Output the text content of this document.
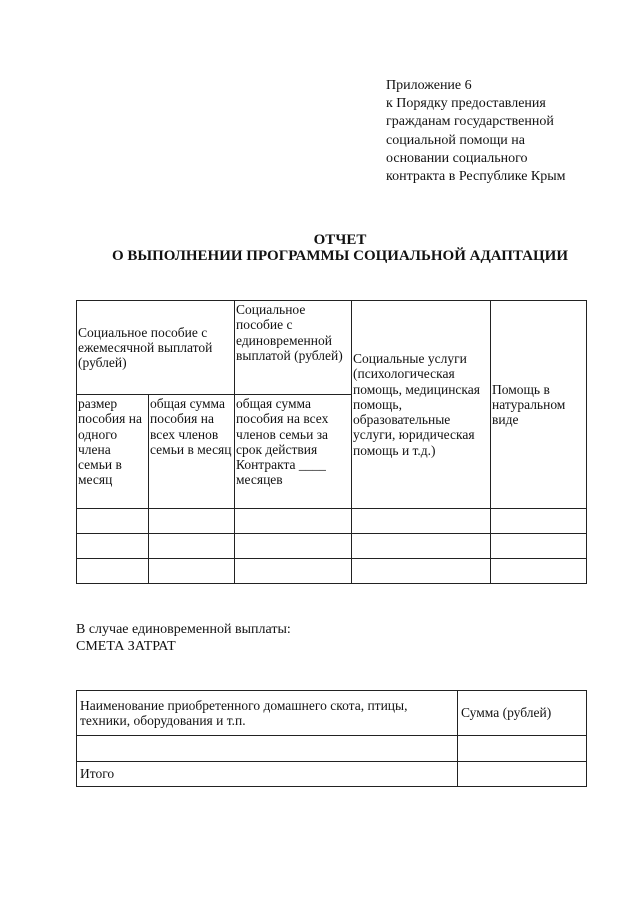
Приложение 6
к Порядку предоставления
гражданам государственной
социальной помощи на
основании социального
контракта в Республике Крым
ОТЧЕТ
О ВЫПОЛНЕНИИ ПРОГРАММЫ СОЦИАЛЬНОЙ АДАПТАЦИИ
Социальное пособие с ежемесячной выплатой (рублей)		Социальное пособие с единовременной выплатой (рублей)	Социальные услуги (психологическая помощь, медицинская помощь, образовательные услуги, юридическая помощь и т.д.)	Помощь в натуральном виде
размер пособия на одного члена семьи в месяц	общая сумма пособия на всех членов семьи в месяц	общая сумма пособия на всех членов семьи за срок действия Контракта ____ месяцев		

В случае единовременной выплаты:
СМЕТА ЗАТРАТ
Наименование приобретенного домашнего скота, птицы, техники, оборудования и т.п.	Сумма (рублей)

Итого	
